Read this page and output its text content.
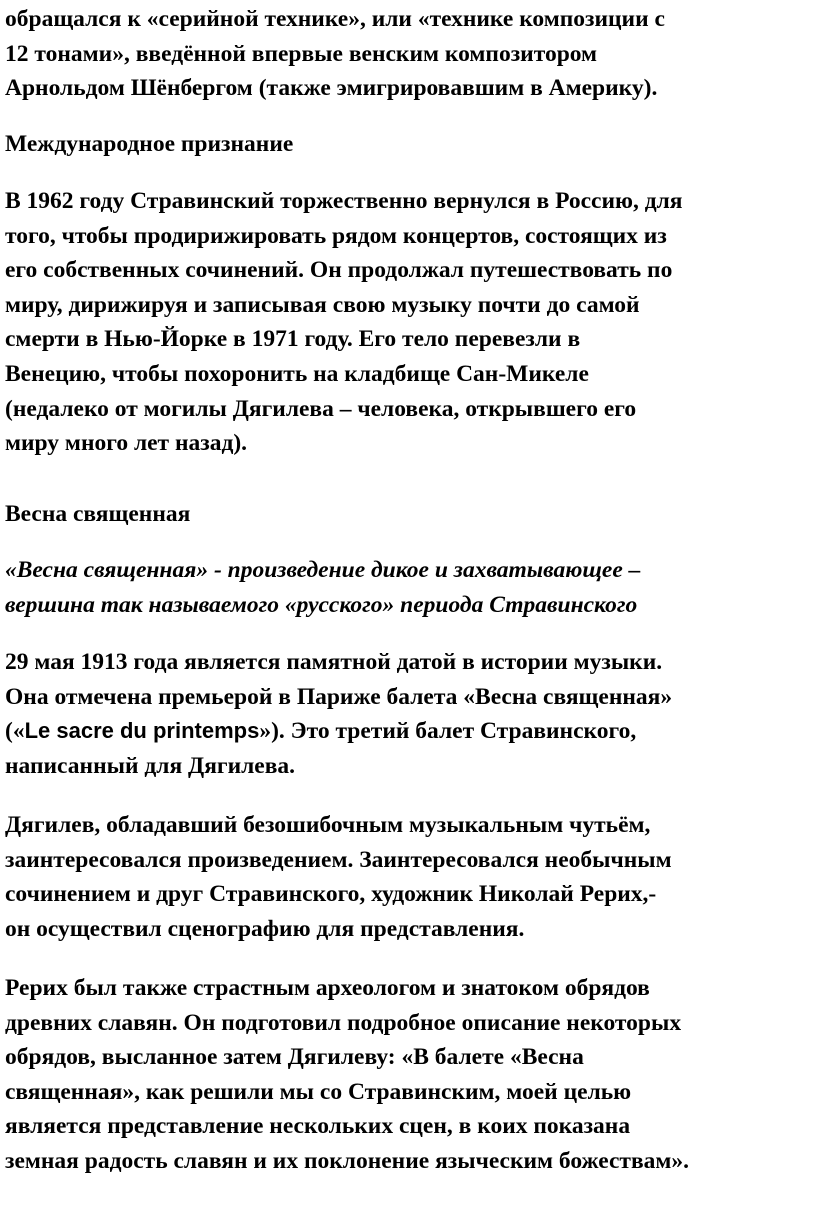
обращался к «серийной технике», или «технике композиции с
12 тонами», введённой впервые венским композитором
Арнольдом Шёнбергом (также эмигрировавшим в Америку).

Международное признание

В 1962 году Стравинский торжественно вернулся в Россию, для
того, чтобы продирижировать рядом концертов, состоящих из
его собственных сочинений. Он продолжал путешествовать по
миру, дирижируя и записывая свою музыку почти до самой
смерти в Нью-Йорке в 1971 году. Его тело перевезли в
Венецию, чтобы похоронить на кладбище Сан-Микеле
(недалеко от могилы Дягилева – человека, открывшего его
миру много лет назад).

Весна священная

«Весна священная» - произведение дикое и захватывающее –
вершина так называемого «русского» периода Стравинского

29 мая 1913 года является памятной датой в истории музыки.
Она отмечена премьерой в Париже балета «Весна священная»
(«Le sacre du printemps»). Это третий балет Стравинского,
написанный для Дягилева.

Дягилев, обладавший безошибочным музыкальным чутьём,
заинтересовался произведением. Заинтересовался необычным
сочинением и друг Стравинского, художник Николай Рерих,-
он осуществил сценографию для представления.

Рерих был также страстным археологом и знатоком обрядов
древних славян. Он подготовил подробное описание некоторых
обрядов, высланное затем Дягилеву: «В балете «Весна
священная», как решили мы со Стравинским, моей целью
является представление нескольких сцен, в коих показана
земная радость славян и их поклонение языческим божествам».
